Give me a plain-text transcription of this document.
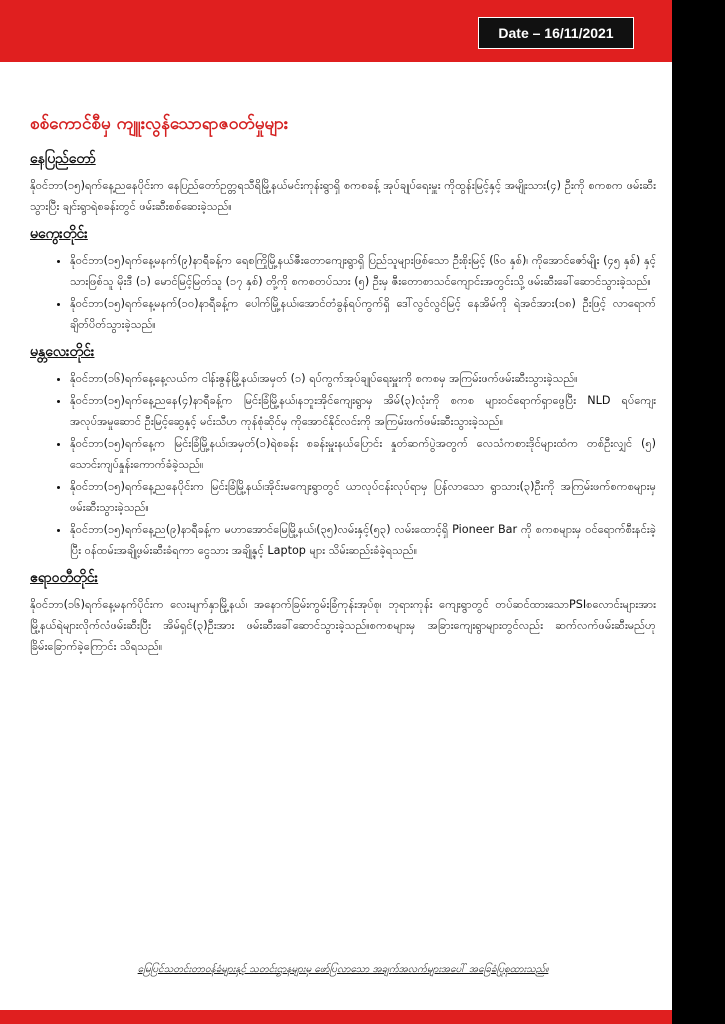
Date – 16/11/2021
စစ်ကောင်စီမှ ကျူးလွန်သောရာဇဝတ်မှုများ
နေပြည်တော်

နိုဝင်ဘာ(၁၅)ရက်နေ့ညနေပိုင်းက နေပြည်တော်ဥတ္တရသီရိမြို့နယ်မင်းကုန်းရွာရှိ စကစခန့် အုပ်ချုပ်ရေးမှူး ကိုထွန်းမြင့်နှင့် အမျိုးသား(၄) ဦးကို စကစက ဖမ်းဆီးသွားပြီး ချင်းရွာရဲစခန်းတွင် ဖမ်းဆီးစစ်ဆေးခဲ့သည်။

မကွေးတိုင်း
• နိုဝင်ဘာ(၁၅)ရက်နေ့မနက်(၉)နာရီခန့်က ရေစကြိုမြို့နယ်ဇီးတောကျေးရွာရှိ ပြည်သူများဖြစ်သော ဦးစိုးမြင့် (၆၀ နှစ်)၊ ကိုအောင်ဇော်မျိုး (၄၅ နှစ်) နှင့် သားဖြစ်သူ မိုးဒီ (၁) မောင်မြင့်မြတ်သူ (၁၇ နှစ်) တို့ကို စကစတပ်သား (၅) ဦးမှ ဇီးတောစာသင်ကျောင်းအတွင်းသို့ ဖမ်းဆီးခေါ်ဆောင်သွားခဲ့သည်။
• နိုဝင်ဘာ(၁၅)ရက်နေ့မနက်(၁၀)နာရီခန့်က ပေါက်မြို့နယ်၊အောင်တံခွန်ရပ်ကွက်ရှိ ဒေါ်လွင်လွင်မြင့် နေအိမ်ကို ရဲအင်အား(၁၈) ဦးဖြင့် လာရောက် ချိတ်ပိတ်သွားခဲ့သည်။
မန္တလေးတိုင်း
• နိုဝင်ဘာ(၁၆)ရက်နေ့နေ့လယ်က ငါန်းဇွန်မြို့နယ်၊အမှတ် (၁) ရပ်ကွက်အုပ်ချုပ်ရေးမှူးကို စကစမှ အကြမ်းဖက်ဖမ်းဆီးသွားခဲ့သည်။
• နိုဝင်ဘာ(၁၅)ရက်နေ့ညနေ(၄)နာရီခန့်က မြင်းခြံမြို့နယ်၊နဘူးအိုင်ကျေးရွာမှ အိမ်(၃)လုံးကို စကစ များဝင်ရောက်ရှာဖွေပြီး NLD ရပ်ကျေး အလုပ်အမှုဆောင် ဦးမြင့်ဆွေနှင့် မင်းသီဟ ကုန်စုံဆိုင်မှ ကိုအောင်နိုင်လင်းကို အကြမ်းဖက်ဖမ်းဆီးသွားခဲ့သည်။
• နိုဝင်ဘာ(၁၅)ရက်နေ့က မြင်းခြံမြို့နယ်၊အမှတ်(၁)ရဲစခန်း စခန်းမှူးနယ်ပြောင်း နှုတ်ဆက်ပွဲအတွက် လေသံကစားဒိုင်များထံက တစ်ဦးလျှင် (၅) သောင်းကျပ်နှုန်းကောက်ခံခဲ့သည်။
• နိုဝင်ဘာ(၁၅)ရက်နေ့ညနေပိုင်းက မြင်းခြံမြို့နယ်၊အိုင်းမကျေးရွာတွင် ယာလုပ်ငန်းလုပ်ရာမှ ပြန်လာသော ရွာသား(၃)ဦးကို အကြမ်းဖက်စကစများမှ ဖမ်းဆီးသွားခဲ့သည်။
• နိုဝင်ဘာ(၁၅)ရက်နေ့ည(၉)နာရီခန့်က မဟာအောင်မြေမြို့နယ်၊(၃၅)လမ်းနှင့်(၅၃) လမ်းထောင့်ရှိ Pioneer Bar ကို စကစများမှ ဝင်ရောက်စီးနင်းခဲ့ပြီး ဝန်ထမ်းအချို့ဖမ်းဆီးခံရကာ ငွေသား အချို့နှင့် Laptop များ သိမ်းဆည်းခံခဲ့ရသည်။
ဧရာဝတီတိုင်း

နိုဝင်ဘာ(၁၆)ရက်နေ့မနက်ပိုင်းက လေးမျက်နှာမြို့နယ်၊ အနောက်ခြမ်းကွမ်းခြံကုန်းအုပ်စု၊ ဘုရားကုန်း ကျေးရွာတွင် တပ်ဆင်ထားသောPSIစလောင်းများအား မြို့နယ်ရဲများလိုက်လံဖမ်းဆီးပြီး အိမ်ရှင်(၃)ဦးအား ဖမ်းဆီးခေါ်ဆောင်သွားခဲ့သည်။စကစများမှ အခြားကျေးရွာများတွင်လည်း ဆက်လက်ဖမ်းဆီးမည်ဟု ခြိမ်းခြောက်ခဲ့ကြောင်း သိရသည်။

မြေပြင်သတင်းတာဝန်ခံများနှင့် သတင်းဌာနများမှ ဖော်ပြလာသော အချက်အလက်များအပေါ် အခြေခံပြုစုထားသည်။
